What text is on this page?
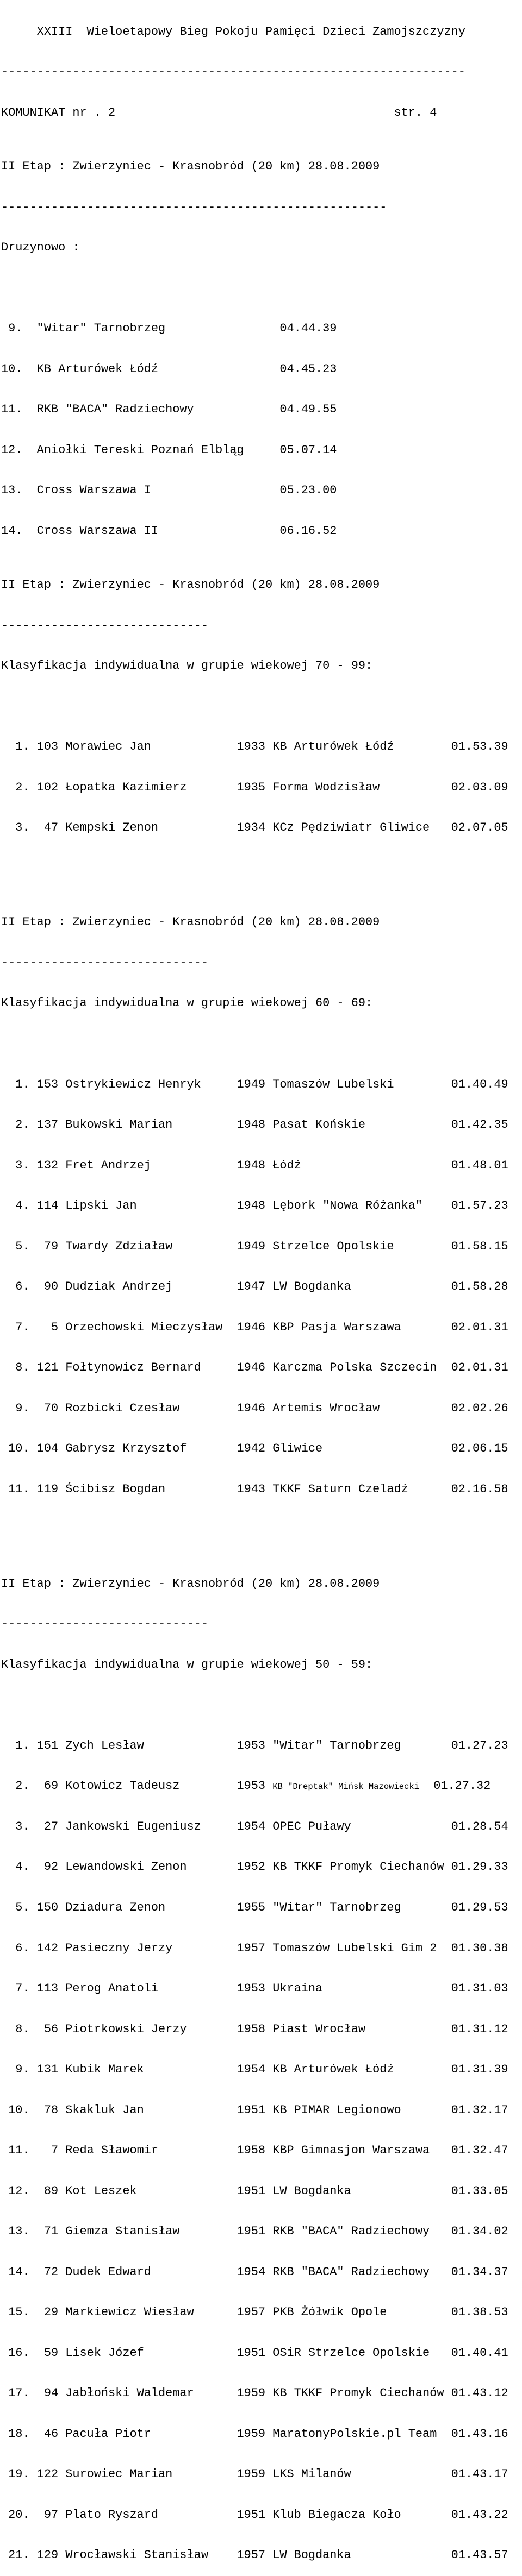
XXIII  Wieloetapowy Bieg Pokoju Pamięci Dzieci Zamojszczyzny

-----------------------------------------------------------------

KOMUNIKAT nr . 2	str. 4

II Etap : Zwierzyniec - Krasnobród (20 km) 28.08.2009

------------------------------------------------------

Druzynowo :

9.  "Witar" Tarnobrzeg                04.44.39

10.  KB Arturówek Łódź                 04.45.23

11.  RKB "BACA" Radziechowy            04.49.55

12.  Aniołki Tereski Poznań Elbląg     05.07.14

13.  Cross Warszawa I                  05.23.00

14.  Cross Warszawa II                 06.16.52

II Etap : Zwierzyniec - Krasnobród (20 km) 28.08.2009

-----------------------------

Klasyfikacja indywidualna w grupie wiekowej 70 - 99:

1. 103 Morawiec Jan            1933 KB Arturówek Łódź        01.53.39

2. 102 Łopatka Kazimierz       1935 Forma Wodzisław          02.03.09

3.  47 Kempski Zenon           1934 KCz Pędziwiatr Gliwice   02.07.05

II Etap : Zwierzyniec - Krasnobród (20 km) 28.08.2009

-----------------------------

Klasyfikacja indywidualna w grupie wiekowej 60 - 69:

1. 153 Ostrykiewicz Henryk     1949 Tomaszów Lubelski        01.40.49

2. 137 Bukowski Marian         1948 Pasat Końskie            01.42.35

3. 132 Fret Andrzej            1948 Łódź                     01.48.01

4. 114 Lipski Jan              1948 Lębork "Nowa Różanka"    01.57.23

5.  79 Twardy Zdziaław         1949 Strzelce Opolskie        01.58.15

6.  90 Dudziak Andrzej         1947 LW Bogdanka              01.58.28

7.   5 Orzechowski Mieczysław  1946 KBP Pasja Warszawa       02.01.31

8. 121 Fołtynowicz Bernard     1946 Karczma Polska Szczecin  02.01.31

9.  70 Rozbicki Czesław        1946 Artemis Wrocław          02.02.26

10. 104 Gabrysz Krzysztof       1942 Gliwice                  02.06.15

11. 119 Ścibisz Bogdan          1943 TKKF Saturn Czeladź      02.16.58

II Etap : Zwierzyniec - Krasnobród (20 km) 28.08.2009

-----------------------------

Klasyfikacja indywidualna w grupie wiekowej 50 - 59:

1. 151 Zych Lesław             1953 "Witar" Tarnobrzeg       01.27.23

2.  69 Kotowicz Tadeusz        1953 KB "Dreptak" Mińsk Mazowiecki  01.27.32

3.  27 Jankowski Eugeniusz     1954 OPEC Puławy              01.28.54

4.  92 Lewandowski Zenon       1952 KB TKKF Promyk Ciechanów 01.29.33

5. 150 Dziadura Zenon          1955 "Witar" Tarnobrzeg       01.29.53

6. 142 Pasieczny Jerzy         1957 Tomaszów Lubelski Gim 2  01.30.38

7. 113 Perog Anatoli           1953 Ukraina                  01.31.03

8.  56 Piotrkowski Jerzy       1958 Piast Wrocław            01.31.12

9. 131 Kubik Marek             1954 KB Arturówek Łódź        01.31.39

10.  78 Skakluk Jan             1951 KB PIMAR Legionowo       01.32.17

11.   7 Reda Sławomir           1958 KBP Gimnasjon Warszawa   01.32.47

12.  89 Kot Leszek              1951 LW Bogdanka              01.33.05

13.  71 Giemza Stanisław        1951 RKB "BACA" Radziechowy   01.34.02

14.  72 Dudek Edward            1954 RKB "BACA" Radziechowy   01.34.37

15.  29 Markiewicz Wiesław      1957 PKB Żółwik Opole         01.38.53

16.  59 Lisek Józef             1951 OSiR Strzelce Opolskie   01.40.41

17.  94 Jabłoński Waldemar      1959 KB TKKF Promyk Ciechanów 01.43.12

18.  46 Pacuła Piotr            1959 MaratonyPolskie.pl Team  01.43.16

19. 122 Surowiec Marian         1959 LKS Milanów              01.43.17

20.  97 Plato Ryszard           1951 Klub Biegacza Koło       01.43.22

21. 129 Wrocławski Stanisław    1957 LW Bogdanka              01.43.57
